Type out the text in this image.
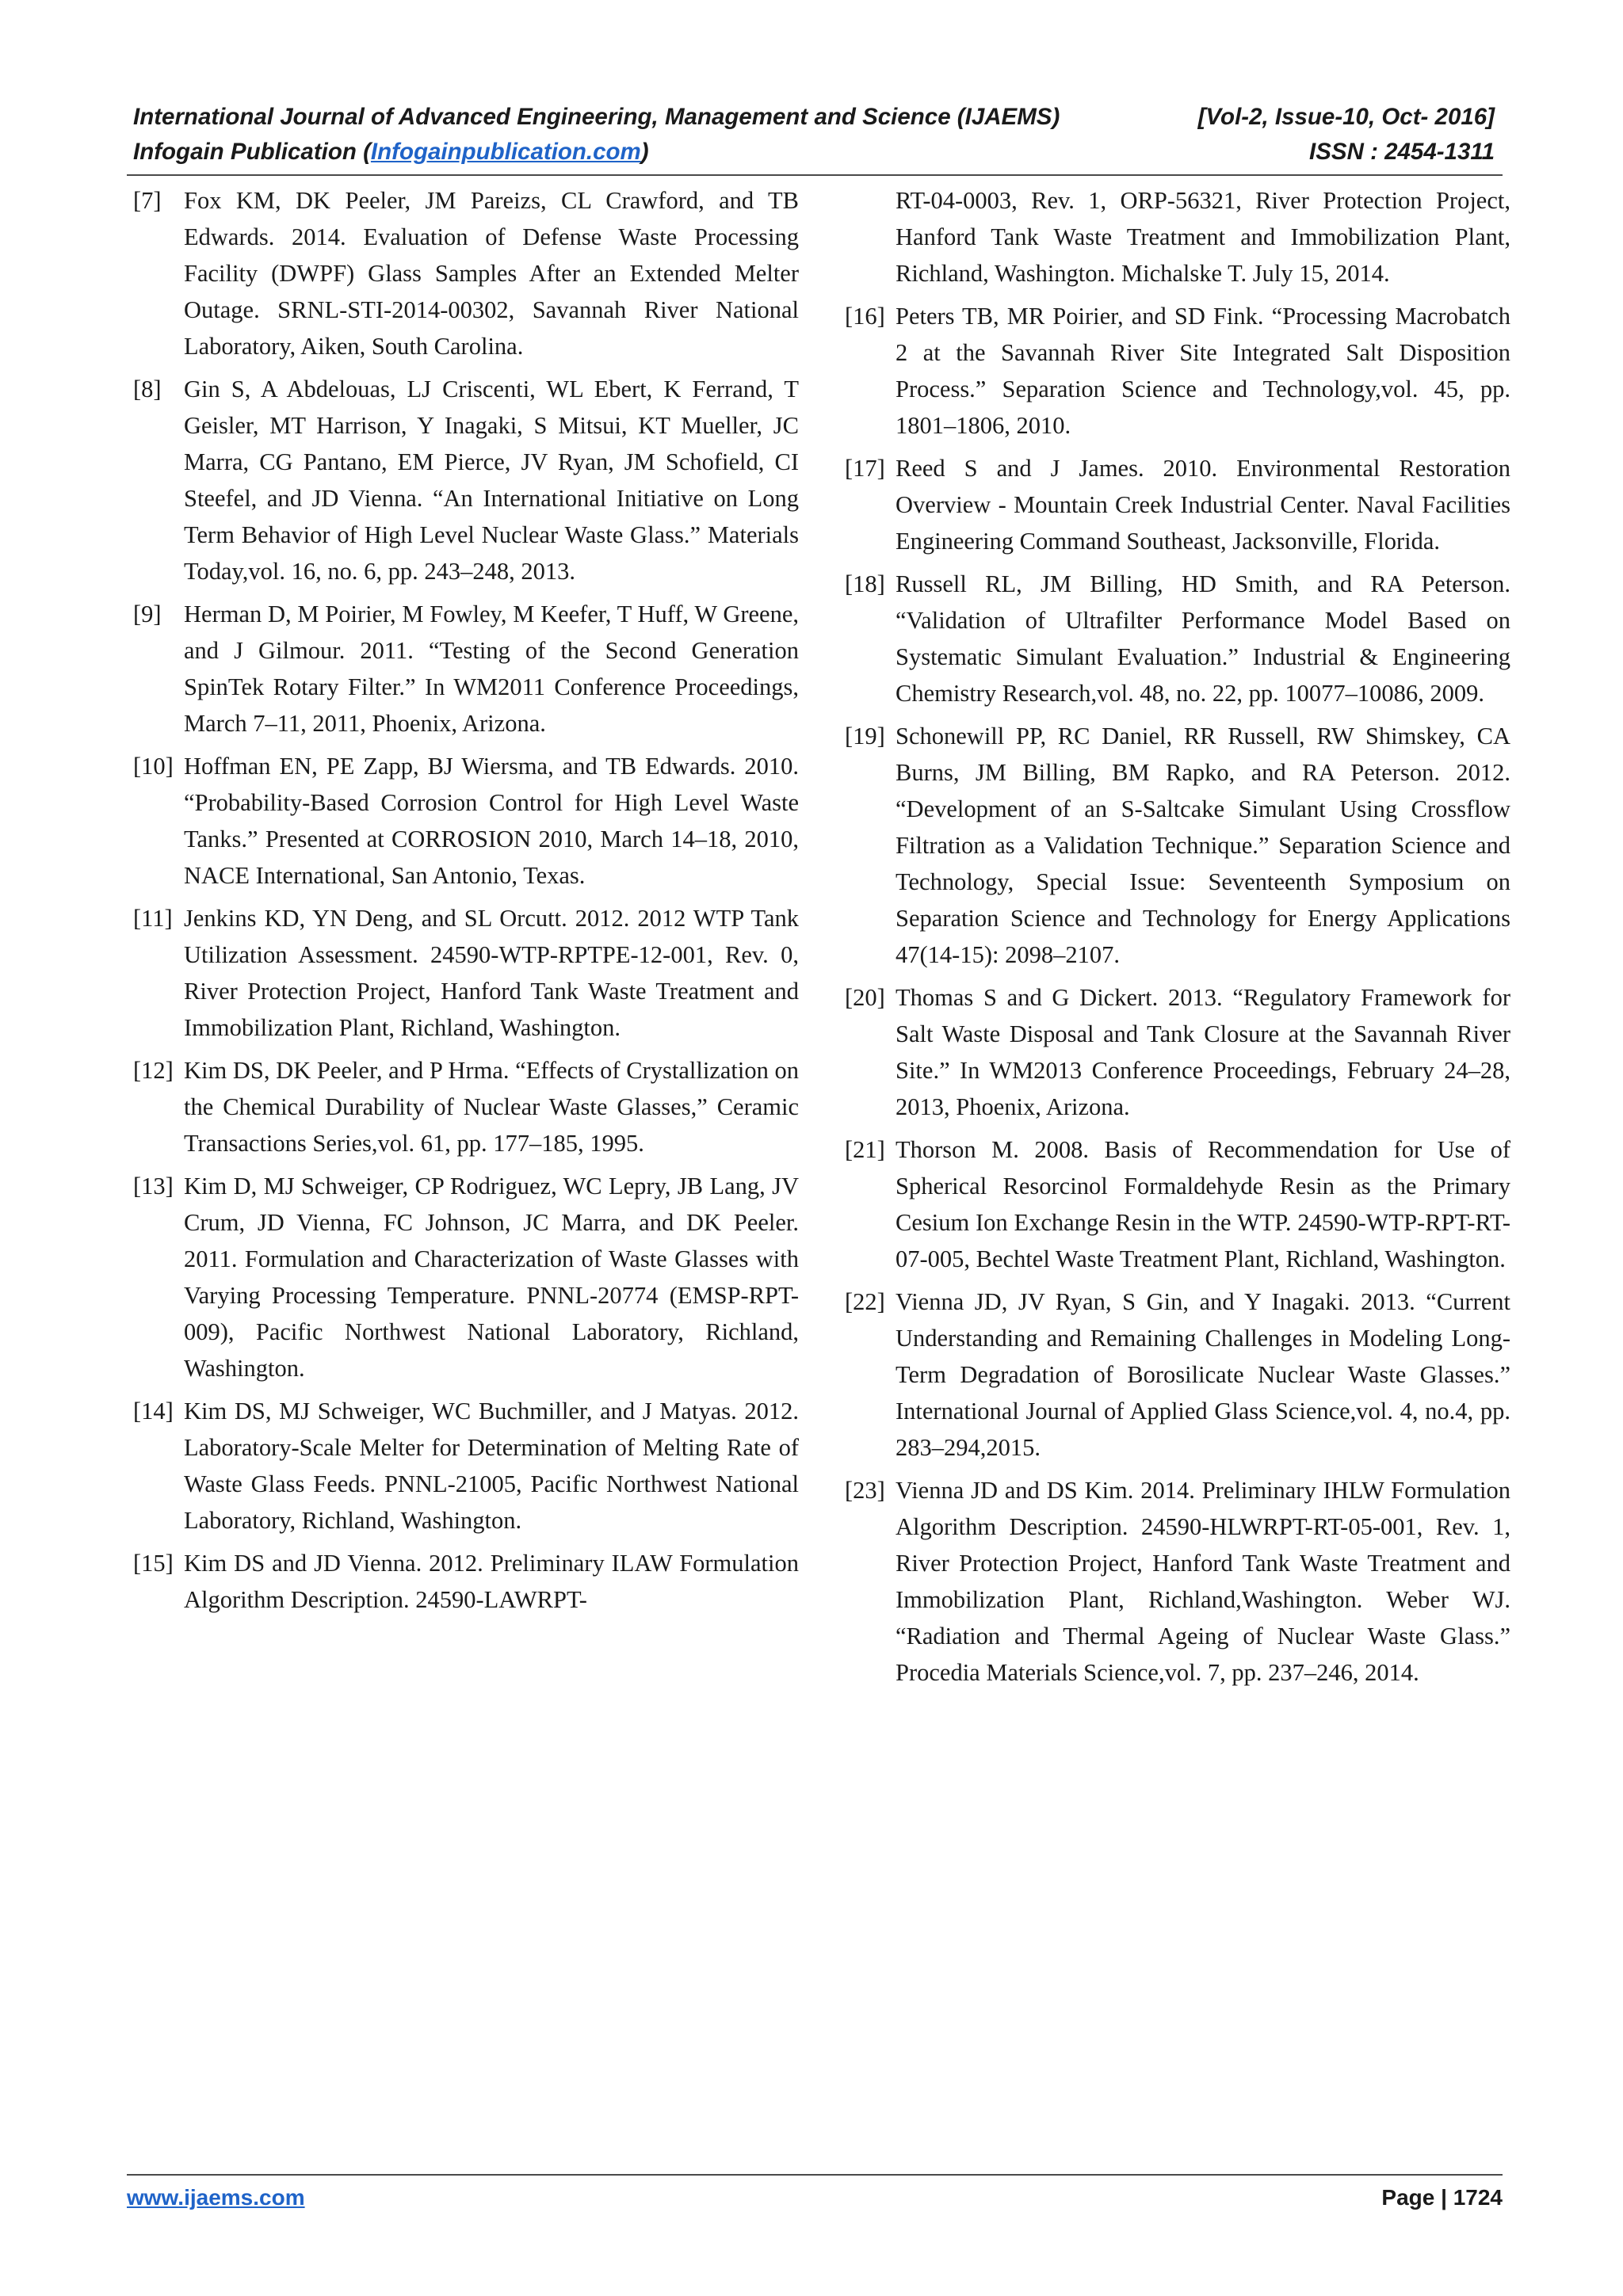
International Journal of Advanced Engineering, Management and Science (IJAEMS)	[Vol-2, Issue-10, Oct- 2016]
Infogain Publication (Infogainpublication.com)	ISSN : 2454-1311
[7] Fox KM, DK Peeler, JM Pareizs, CL Crawford, and TB Edwards. 2014. Evaluation of Defense Waste Processing Facility (DWPF) Glass Samples After an Extended Melter Outage. SRNL-STI-2014-00302, Savannah River National Laboratory, Aiken, South Carolina.
[8] Gin S, A Abdelouas, LJ Criscenti, WL Ebert, K Ferrand, T Geisler, MT Harrison, Y Inagaki, S Mitsui, KT Mueller, JC Marra, CG Pantano, EM Pierce, JV Ryan, JM Schofield, CI Steefel, and JD Vienna. “An International Initiative on Long Term Behavior of High Level Nuclear Waste Glass.” Materials Today,vol. 16, no. 6, pp. 243–248, 2013.
[9] Herman D, M Poirier, M Fowley, M Keefer, T Huff, W Greene, and J Gilmour. 2011. “Testing of the Second Generation SpinTek Rotary Filter.” In WM2011 Conference Proceedings, March 7–11, 2011, Phoenix, Arizona.
[10] Hoffman EN, PE Zapp, BJ Wiersma, and TB Edwards. 2010. “Probability-Based Corrosion Control for High Level Waste Tanks.” Presented at CORROSION 2010, March 14–18, 2010, NACE International, San Antonio, Texas.
[11] Jenkins KD, YN Deng, and SL Orcutt. 2012. 2012 WTP Tank Utilization Assessment. 24590-WTP-RPTPE-12-001, Rev. 0, River Protection Project, Hanford Tank Waste Treatment and Immobilization Plant, Richland, Washington.
[12] Kim DS, DK Peeler, and P Hrma. “Effects of Crystallization on the Chemical Durability of Nuclear Waste Glasses,” Ceramic Transactions Series,vol. 61, pp. 177–185, 1995.
[13] Kim D, MJ Schweiger, CP Rodriguez, WC Lepry, JB Lang, JV Crum, JD Vienna, FC Johnson, JC Marra, and DK Peeler. 2011. Formulation and Characterization of Waste Glasses with Varying Processing Temperature. PNNL-20774 (EMSP-RPT-009), Pacific Northwest National Laboratory, Richland, Washington.
[14] Kim DS, MJ Schweiger, WC Buchmiller, and J Matyas. 2012. Laboratory-Scale Melter for Determination of Melting Rate of Waste Glass Feeds. PNNL-21005, Pacific Northwest National Laboratory, Richland, Washington.
[15] Kim DS and JD Vienna. 2012. Preliminary ILAW Formulation Algorithm Description. 24590-LAWRPT-
RT-04-0003, Rev. 1, ORP-56321, River Protection Project, Hanford Tank Waste Treatment and Immobilization Plant, Richland, Washington. Michalske T. July 15, 2014.
[16] Peters TB, MR Poirier, and SD Fink. “Processing Macrobatch 2 at the Savannah River Site Integrated Salt Disposition Process.” Separation Science and Technology,vol. 45, pp. 1801–1806, 2010.
[17] Reed S and J James. 2010. Environmental Restoration Overview - Mountain Creek Industrial Center. Naval Facilities Engineering Command Southeast, Jacksonville, Florida.
[18] Russell RL, JM Billing, HD Smith, and RA Peterson. “Validation of Ultrafilter Performance Model Based on Systematic Simulant Evaluation.” Industrial & Engineering Chemistry Research,vol. 48, no. 22, pp. 10077–10086, 2009.
[19] Schonewill PP, RC Daniel, RR Russell, RW Shimskey, CA Burns, JM Billing, BM Rapko, and RA Peterson. 2012. “Development of an S-Saltcake Simulant Using Crossflow Filtration as a Validation Technique.” Separation Science and Technology, Special Issue: Seventeenth Symposium on Separation Science and Technology for Energy Applications 47(14-15): 2098–2107.
[20] Thomas S and G Dickert. 2013. “Regulatory Framework for Salt Waste Disposal and Tank Closure at the Savannah River Site.” In WM2013 Conference Proceedings, February 24–28, 2013, Phoenix, Arizona.
[21] Thorson M. 2008. Basis of Recommendation for Use of Spherical Resorcinol Formaldehyde Resin as the Primary Cesium Ion Exchange Resin in the WTP. 24590-WTP-RPT-RT-07-005, Bechtel Waste Treatment Plant, Richland, Washington.
[22] Vienna JD, JV Ryan, S Gin, and Y Inagaki. 2013. “Current Understanding and Remaining Challenges in Modeling Long-Term Degradation of Borosilicate Nuclear Waste Glasses.” International Journal of Applied Glass Science,vol. 4, no.4, pp. 283–294,2015.
[23] Vienna JD and DS Kim. 2014. Preliminary IHLW Formulation Algorithm Description. 24590-HLWRPT-RT-05-001, Rev. 1, River Protection Project, Hanford Tank Waste Treatment and Immobilization Plant, Richland,Washington. Weber WJ. “Radiation and Thermal Ageing of Nuclear Waste Glass.” Procedia Materials Science,vol. 7, pp. 237–246, 2014.
www.ijaems.com	Page | 1724
